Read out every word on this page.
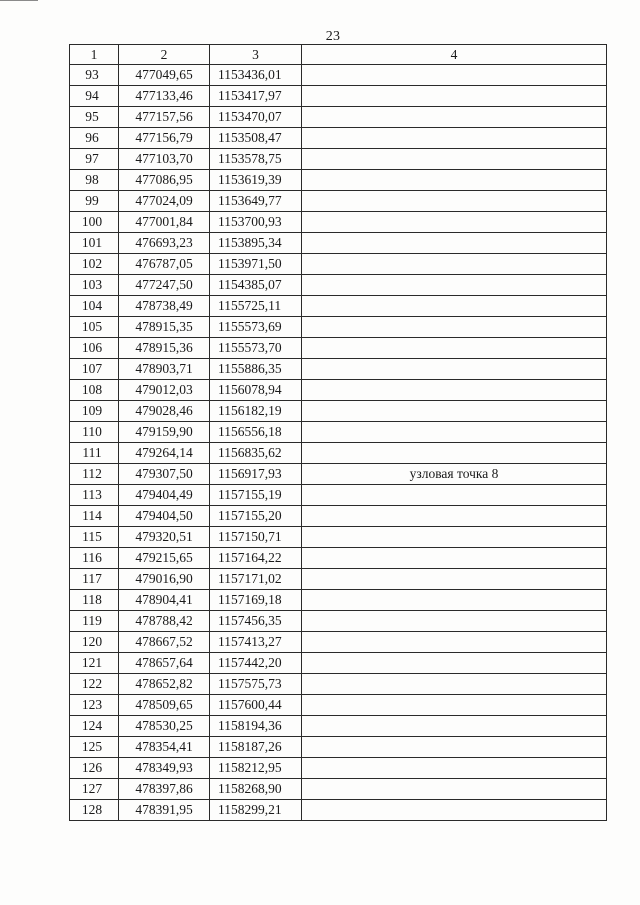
23
1	2	3	4
93	477049,65	1153436,01	
94	477133,46	1153417,97	
95	477157,56	1153470,07	
96	477156,79	1153508,47	
97	477103,70	1153578,75	
98	477086,95	1153619,39	
99	477024,09	1153649,77	
100	477001,84	1153700,93	
101	476693,23	1153895,34	
102	476787,05	1153971,50	
103	477247,50	1154385,07	
104	478738,49	1155725,11	
105	478915,35	1155573,69	
106	478915,36	1155573,70	
107	478903,71	1155886,35	
108	479012,03	1156078,94	
109	479028,46	1156182,19	
110	479159,90	1156556,18	
111	479264,14	1156835,62	
112	479307,50	1156917,93	узловая точка 8
113	479404,49	1157155,19	
114	479404,50	1157155,20	
115	479320,51	1157150,71	
116	479215,65	1157164,22	
117	479016,90	1157171,02	
118	478904,41	1157169,18	
119	478788,42	1157456,35	
120	478667,52	1157413,27	
121	478657,64	1157442,20	
122	478652,82	1157575,73	
123	478509,65	1157600,44	
124	478530,25	1158194,36	
125	478354,41	1158187,26	
126	478349,93	1158212,95	
127	478397,86	1158268,90	
128	478391,95	1158299,21	
